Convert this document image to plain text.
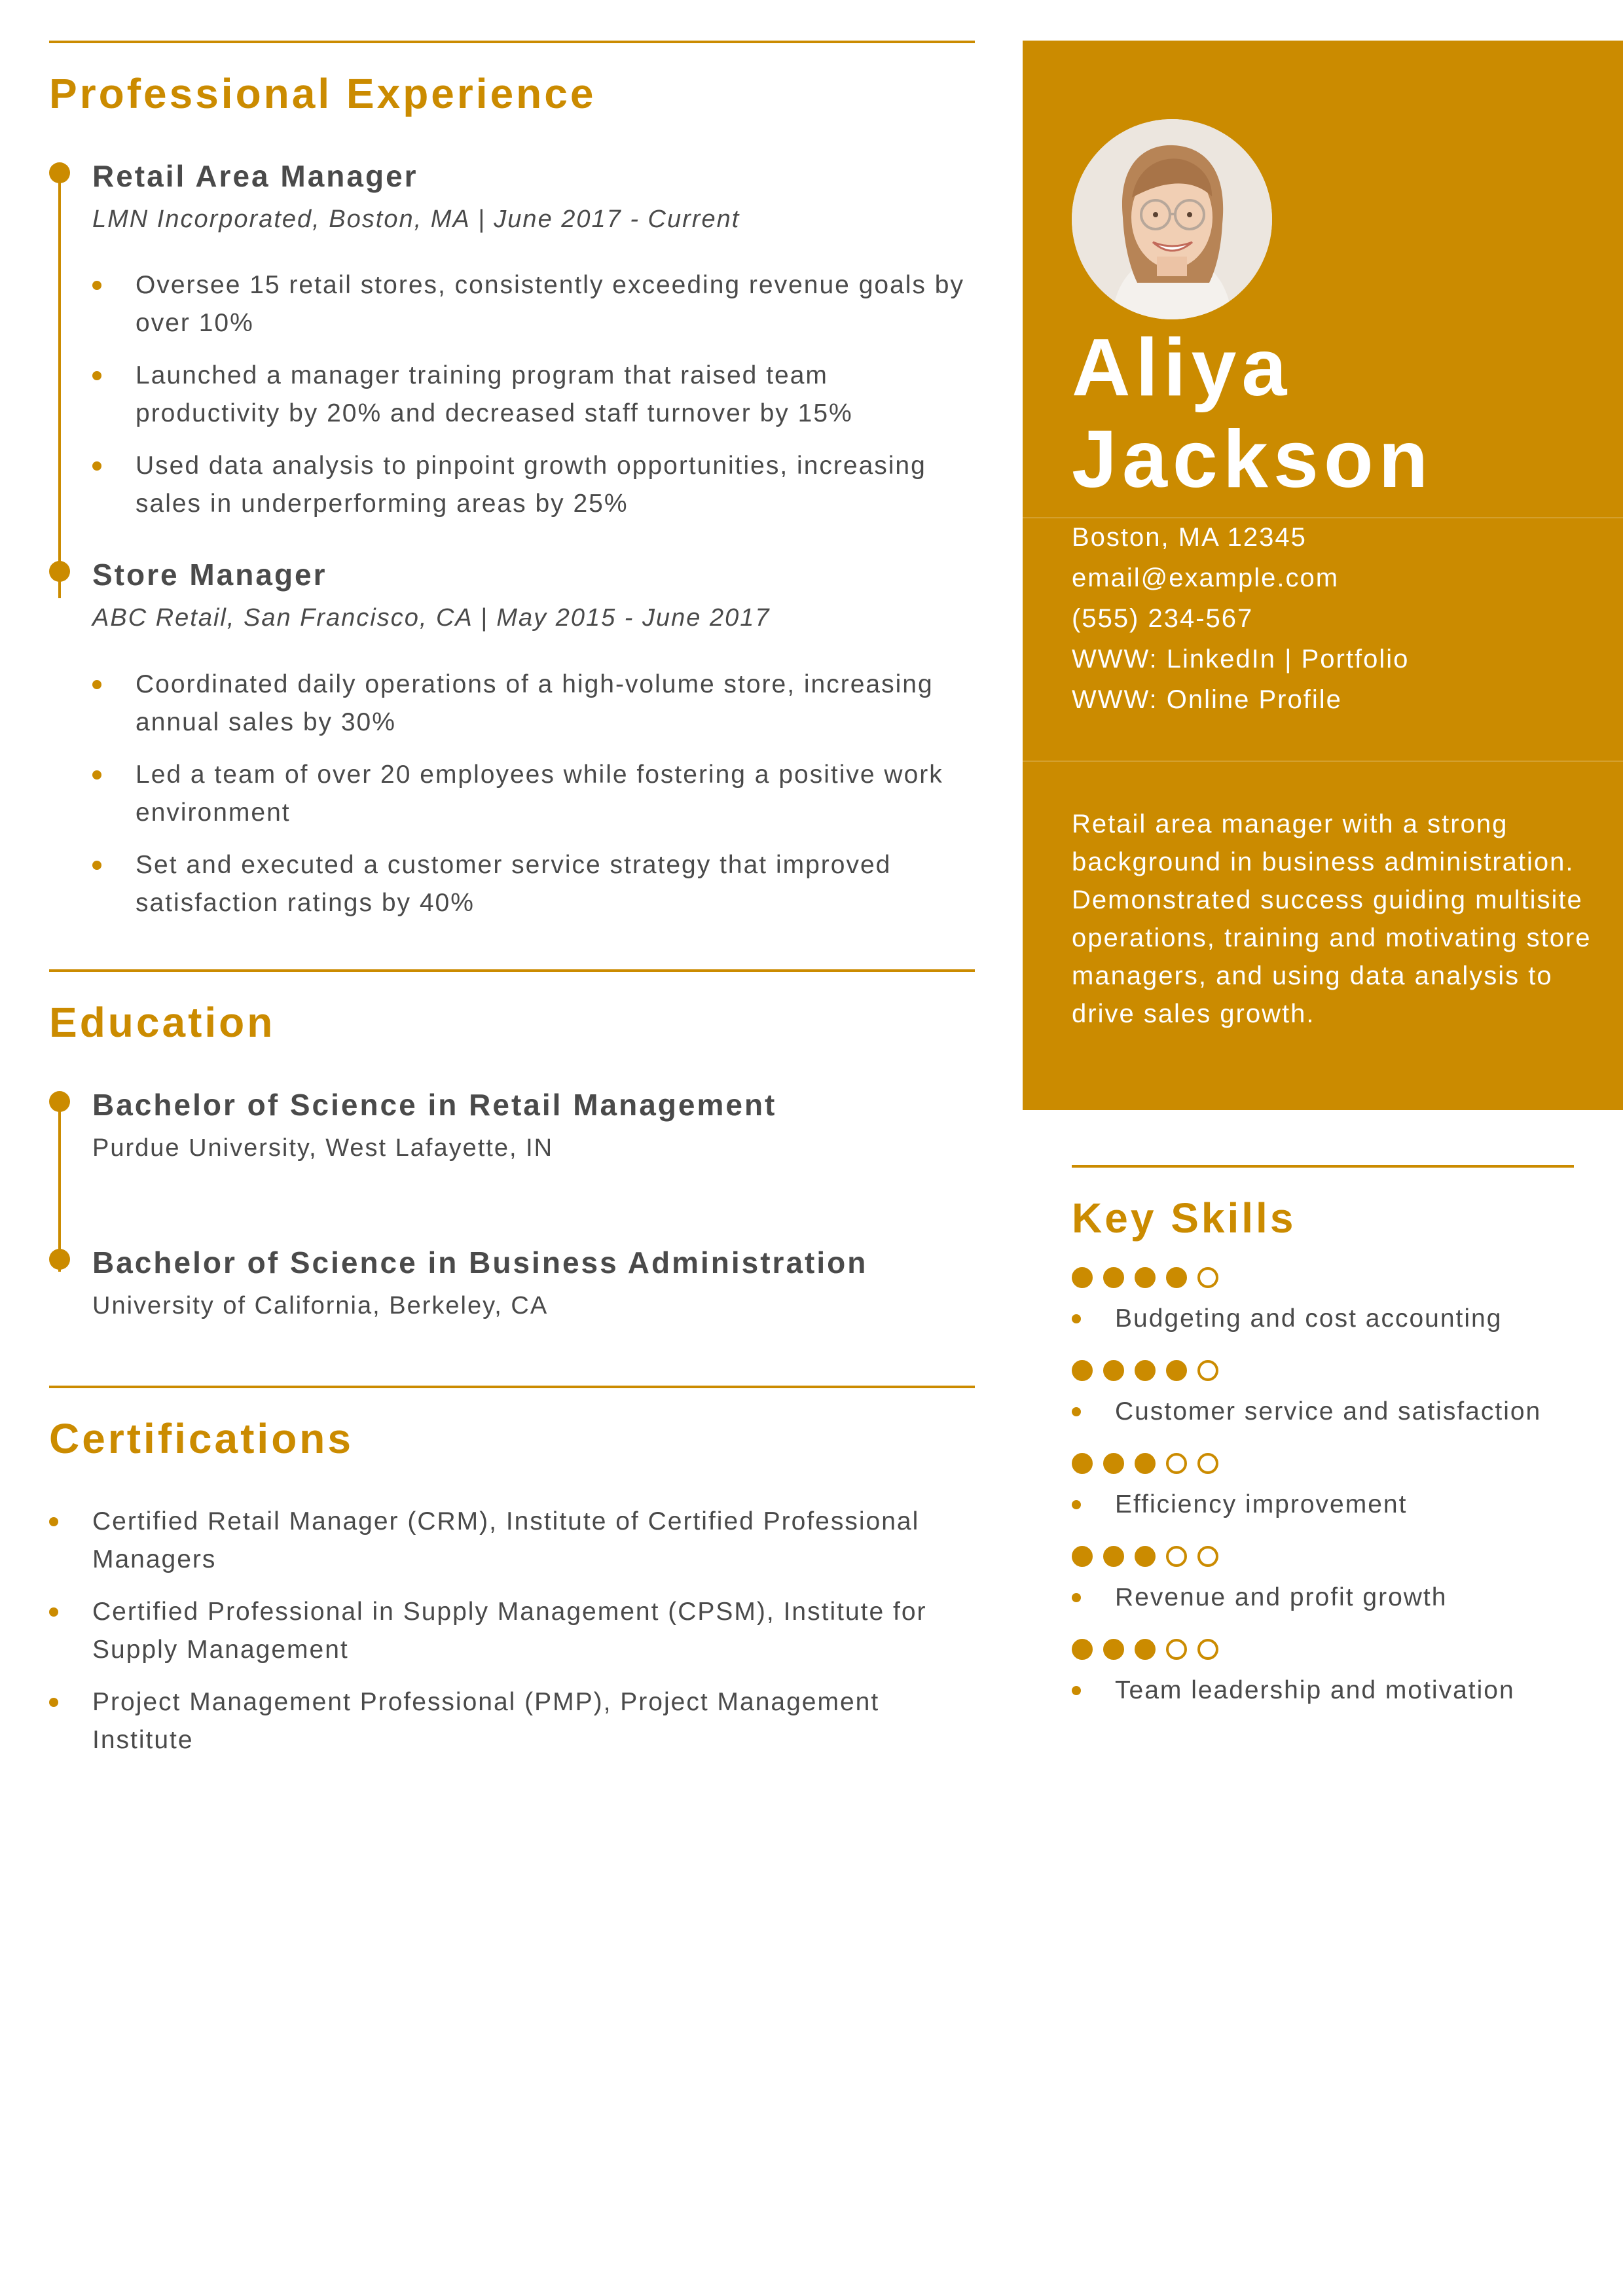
Professional Experience
Retail Area Manager
LMN Incorporated, Boston, MA | June 2017 - Current
Oversee 15 retail stores, consistently exceeding revenue goals by over 10%
Launched a manager training program that raised team productivity by 20% and decreased staff turnover by 15%
Used data analysis to pinpoint growth opportunities, increasing sales in underperforming areas by 25%
Store Manager
ABC Retail, San Francisco, CA | May 2015 - June 2017
Coordinated daily operations of a high-volume store, increasing annual sales by 30%
Led a team of over 20 employees while fostering a positive work environment
Set and executed a customer service strategy that improved satisfaction ratings by 40%
Education
Bachelor of Science in Retail Management
Purdue University, West Lafayette, IN
Bachelor of Science in Business Administration
University of California, Berkeley, CA
Certifications
Certified Retail Manager (CRM), Institute of Certified Professional Managers
Certified Professional in Supply Management (CPSM), Institute for Supply Management
Project Management Professional (PMP), Project Management Institute
Aliya
Jackson
Boston, MA 12345
email@example.com
(555) 234-567
WWW: LinkedIn | Portfolio
WWW: Online Profile

Retail area manager with a strong background in business administration. Demonstrated success guiding multisite operations, training and motivating store managers, and using data analysis to drive sales growth.

Key Skills
Budgeting and cost accounting
Customer service and satisfaction
Efficiency improvement
Revenue and profit growth
Team leadership and motivation
